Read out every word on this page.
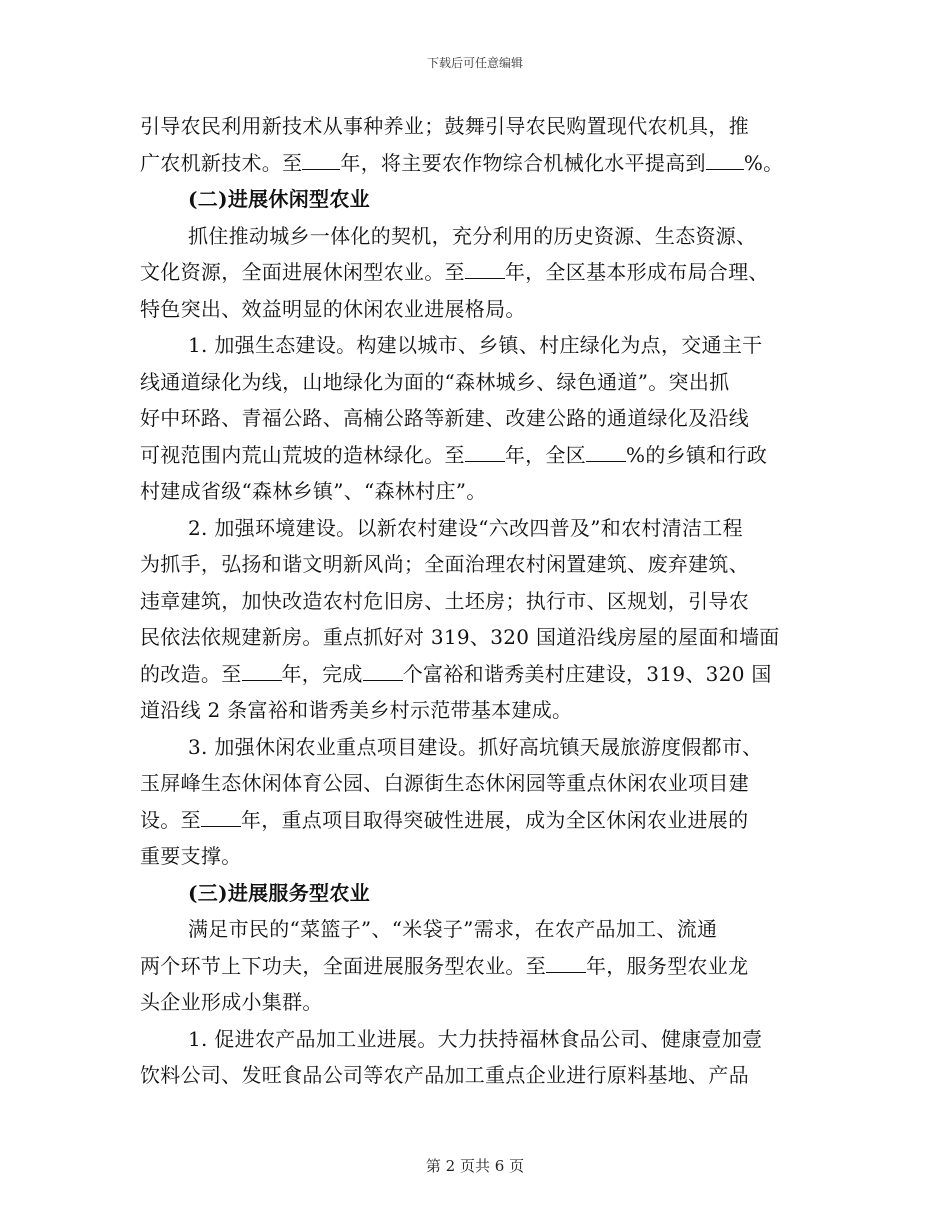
下载后可任意编辑
引导农民利用新技术从事种养业；鼓舞引导农民购置现代农机具，推
广农机新技术。至 年，将主要农作物综合机械化水平提高到 %。
(二)进展休闲型农业
抓住推动城乡一体化的契机，充分利用的历史资源、生态资源、
文化资源，全面进展休闲型农业。至 年，全区基本形成布局合理、
特色突出、效益明显的休闲农业进展格局。
1. 加强生态建设。构建以城市、乡镇、村庄绿化为点，交通主干
线通道绿化为线，山地绿化为面的“森林城乡、绿色通道”。突出抓
好中环路、青福公路、高楠公路等新建、改建公路的通道绿化及沿线
可视范围内荒山荒坡的造林绿化。至 年，全区 %的乡镇和行政
村建成省级“森林乡镇”、“森林村庄”。
2. 加强环境建设。以新农村建设“六改四普及”和农村清洁工程
为抓手，弘扬和谐文明新风尚；全面治理农村闲置建筑、废弃建筑、
违章建筑，加快改造农村危旧房、土坯房；执行市、区规划，引导农
民依法依规建新房。重点抓好对 319、320 国道沿线房屋的屋面和墙面
的改造。至 年，完成 个富裕和谐秀美村庄建设，319、320 国
道沿线 2 条富裕和谐秀美乡村示范带基本建成。
3. 加强休闲农业重点项目建设。抓好高坑镇天晟旅游度假都市、
玉屏峰生态休闲体育公园、白源街生态休闲园等重点休闲农业项目建
设。至 年，重点项目取得突破性进展，成为全区休闲农业进展的
重要支撑。
(三)进展服务型农业
满足市民的“菜篮子”、“米袋子”需求，在农产品加工、流通
两个环节上下功夫，全面进展服务型农业。至 年，服务型农业龙
头企业形成小集群。
1. 促进农产品加工业进展。大力扶持福林食品公司、健康壹加壹
饮料公司、发旺食品公司等农产品加工重点企业进行原料基地、产品
第 2 页共 6 页
